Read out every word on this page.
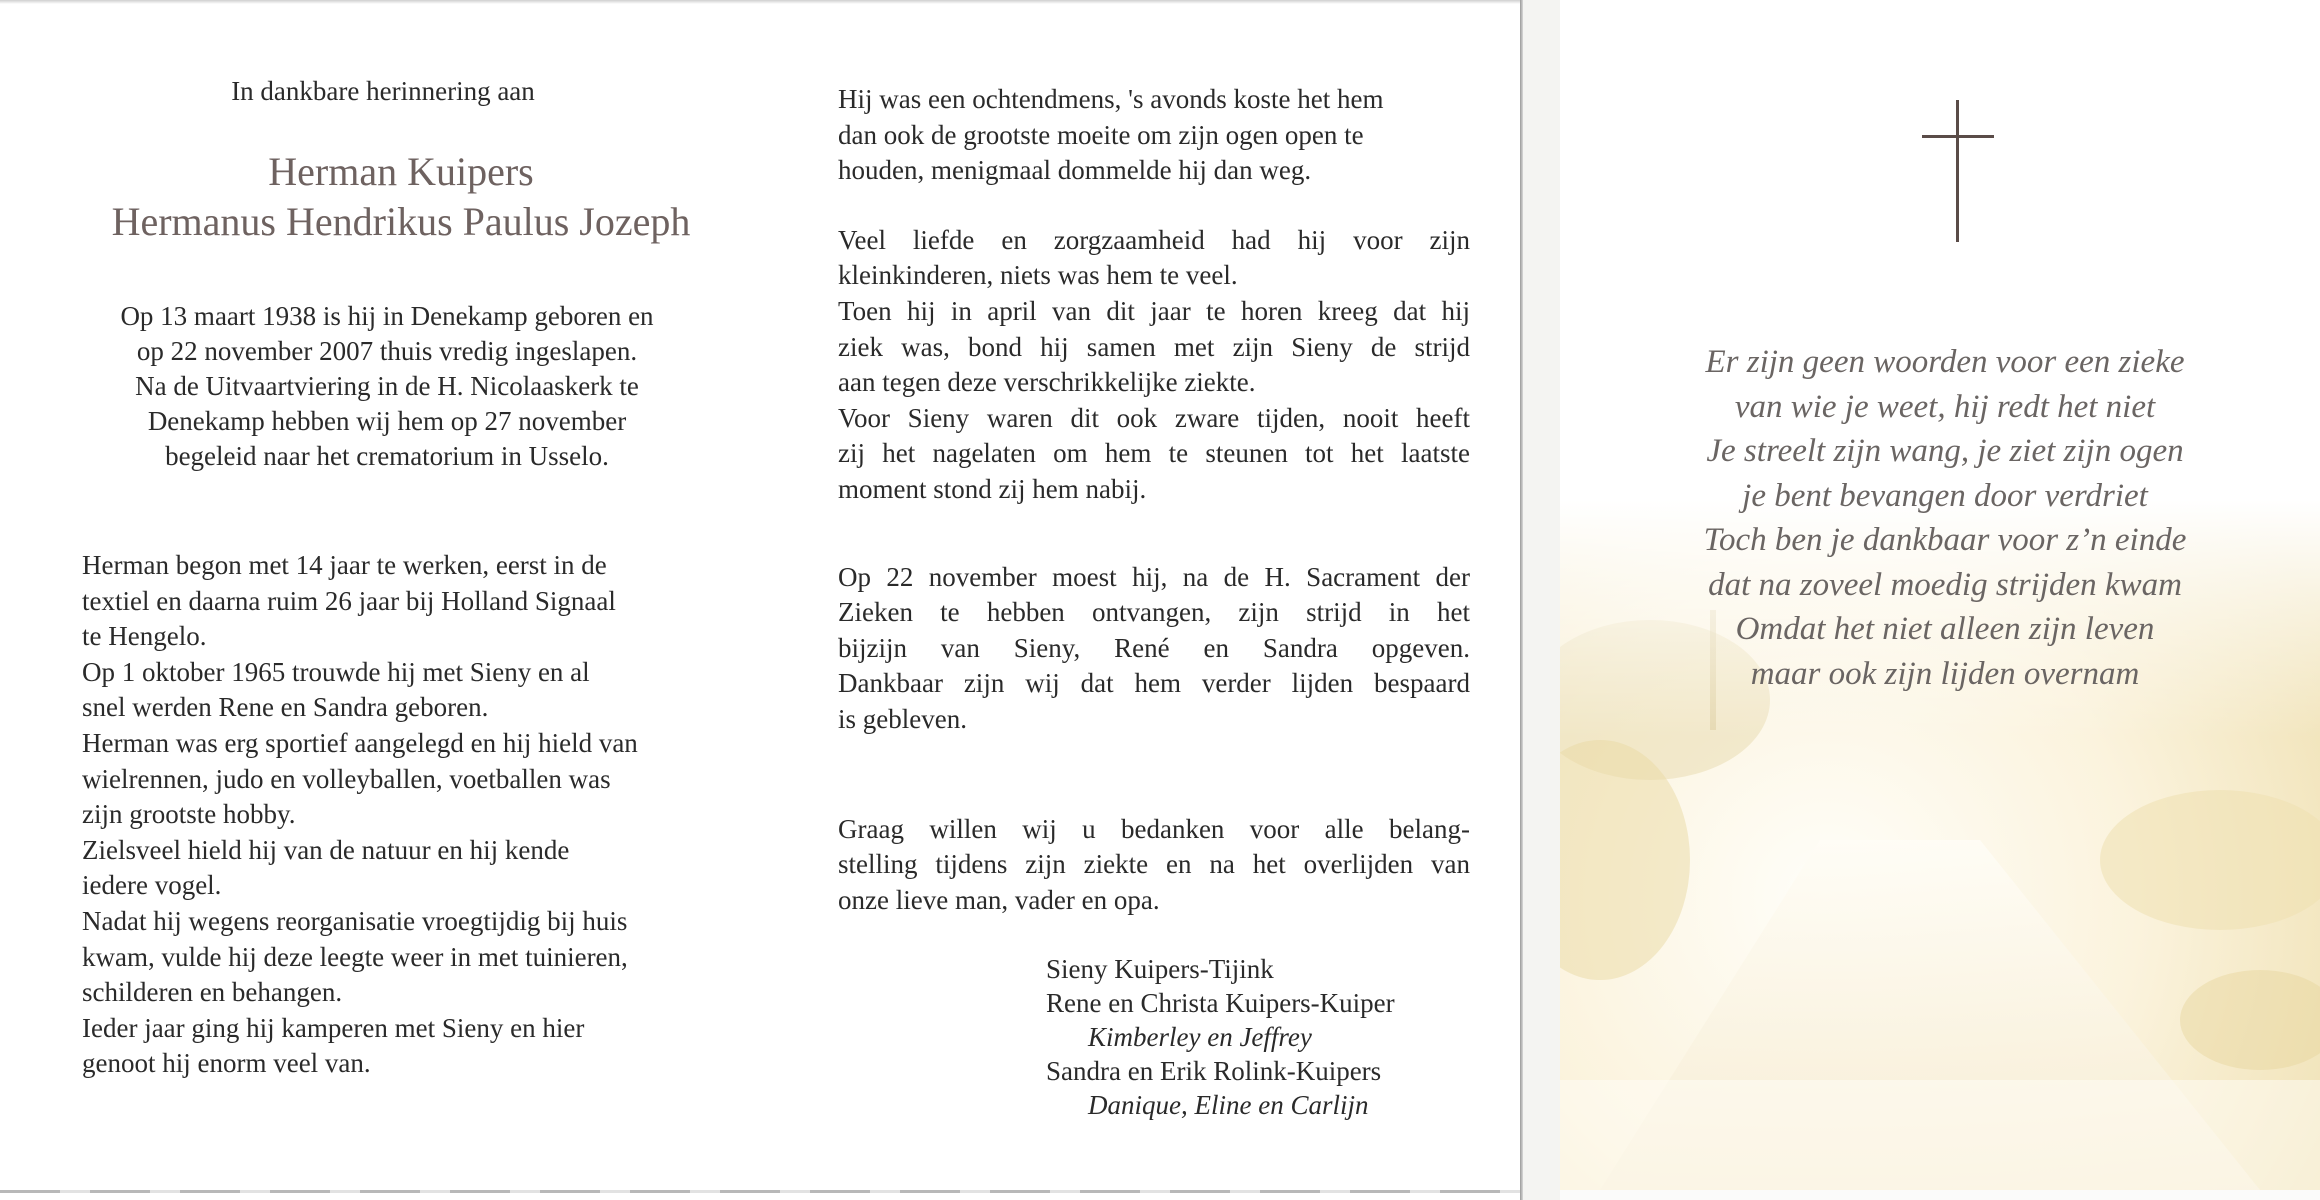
In dankbare herinnering aan
Herman Kuipers
Hermanus Hendrikus Paulus Jozeph
Op 13 maart 1938 is hij in Denekamp geboren en
op 22 november 2007 thuis vredig ingeslapen.
Na de Uitvaartviering in de H. Nicolaaskerk te
Denekamp hebben wij hem op 27 november
begeleid naar het crematorium in Usselo.
Herman begon met 14 jaar te werken, eerst in de
textiel en daarna ruim 26 jaar bij Holland Signaal
te Hengelo.
Op 1 oktober 1965 trouwde hij met Sieny en al
snel werden Rene en Sandra geboren.
Herman was erg sportief aangelegd en hij hield van
wielrennen, judo en volleyballen, voetballen was
zijn grootste hobby.
Zielsveel hield hij van de natuur en hij kende
iedere vogel.
Nadat hij wegens reorganisatie vroegtijdig bij huis
kwam, vulde hij deze leegte weer in met tuinieren,
schilderen en behangen.
Ieder jaar ging hij kamperen met Sieny en hier
genoot hij enorm veel van.
Hij was een ochtendmens, 's avonds koste het hem
dan ook de grootste moeite om zijn ogen open te
houden, menigmaal dommelde hij dan weg.
Veel liefde en zorgzaamheid had hij voor zijn
kleinkinderen, niets was hem te veel.
Toen hij in april van dit jaar te horen kreeg dat hij
ziek was, bond hij samen met zijn Sieny de strijd
aan tegen deze verschrikkelijke ziekte.
Voor Sieny waren dit ook zware tijden, nooit heeft
zij het nagelaten om hem te steunen tot het laatste
moment stond zij hem nabij.
Op 22 november moest hij, na de H. Sacrament der
Zieken te hebben ontvangen, zijn strijd in het
bijzijn van Sieny, René en Sandra opgeven.
Dankbaar zijn wij dat hem verder lijden bespaard
is gebleven.
Graag willen wij u bedanken voor alle belang-
stelling tijdens zijn ziekte en na het overlijden van
onze lieve man, vader en opa.
Sieny Kuipers-Tijink
Rene en Christa Kuipers-Kuiper
Kimberley en Jeffrey
Sandra en Erik Rolink-Kuipers
Danique, Eline en Carlijn
Er zijn geen woorden voor een zieke
van wie je weet, hij redt het niet
Je streelt zijn wang, je ziet zijn ogen
je bent bevangen door verdriet
Toch ben je dankbaar voor z’n einde
dat na zoveel moedig strijden kwam
Omdat het niet alleen zijn leven
maar ook zijn lijden overnam
